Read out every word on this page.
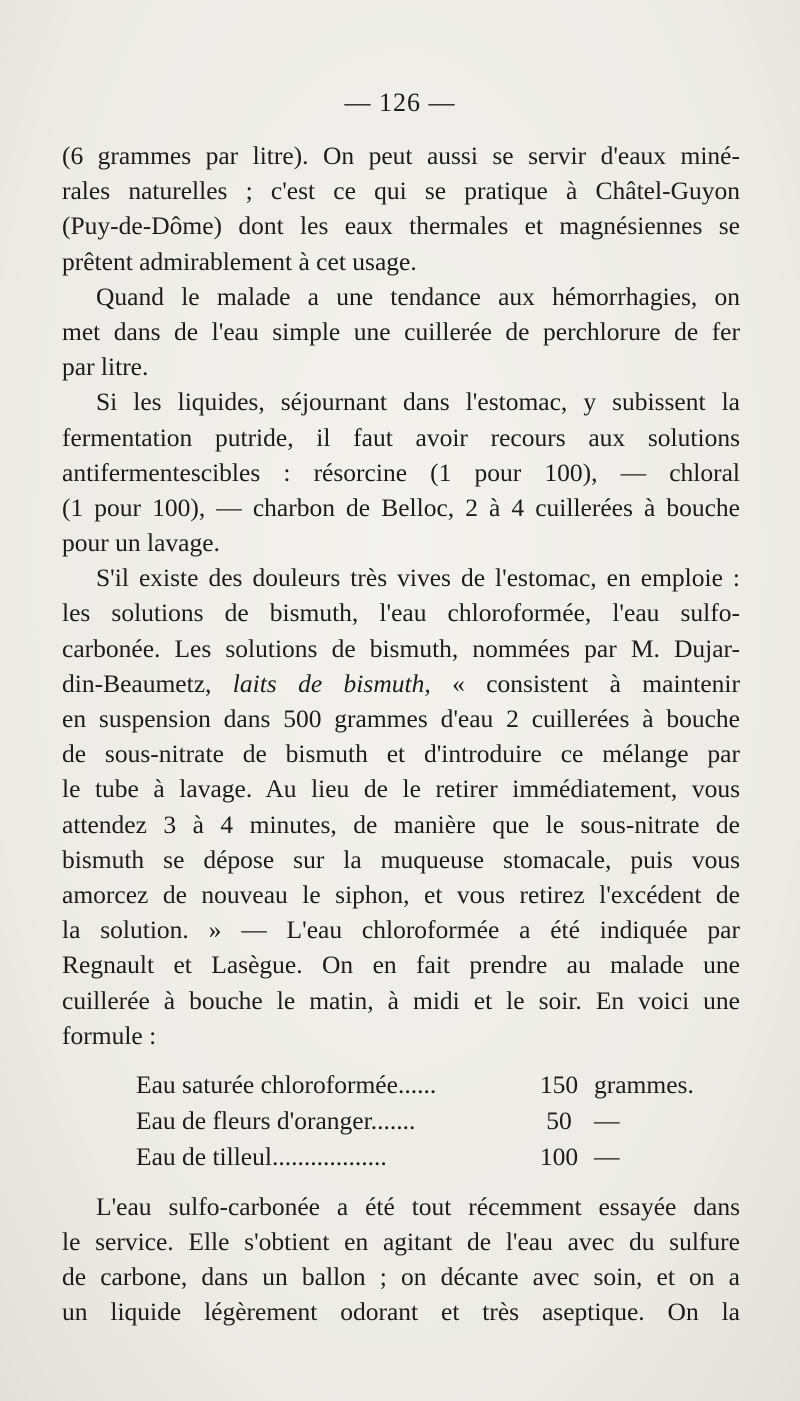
— 126 —
(6 grammes par litre). On peut aussi se servir d'eaux miné-
rales naturelles ; c'est ce qui se pratique à Châtel-Guyon
(Puy-de-Dôme) dont les eaux thermales et magnésiennes se
prêtent admirablement à cet usage.
Quand le malade a une tendance aux hémorrhagies, on
met dans de l'eau simple une cuillerée de perchlorure de fer
par litre.
Si les liquides, séjournant dans l'estomac, y subissent la
fermentation putride, il faut avoir recours aux solutions
antifermentescibles : résorcine (1 pour 100), — chloral
(1 pour 100), — charbon de Belloc, 2 à 4 cuillerées à bouche
pour un lavage.
S'il existe des douleurs très vives de l'estomac, en emploie :
les solutions de bismuth, l'eau chloroformée, l'eau sulfo-
carbonée. Les solutions de bismuth, nommées par M. Dujar-
din-Beaumetz, laits de bismuth, « consistent à maintenir
en suspension dans 500 grammes d'eau 2 cuillerées à bouche
de sous-nitrate de bismuth et d'introduire ce mélange par
le tube à lavage. Au lieu de le retirer immédiatement, vous
attendez 3 à 4 minutes, de manière que le sous-nitrate de
bismuth se dépose sur la muqueuse stomacale, puis vous
amorcez de nouveau le siphon, et vous retirez l'excédent de
la solution. » — L'eau chloroformée a été indiquée par
Regnault et Lasègue. On en fait prendre au malade une
cuillerée à bouche le matin, à midi et le soir. En voici une
formule :
Eau saturée chloroformée......	150 grammes.
Eau de fleurs d'oranger.......	50 —
Eau de tilleul..................	100 —
L'eau sulfo-carbonée a été tout récemment essayée dans
le service. Elle s'obtient en agitant de l'eau avec du sulfure
de carbone, dans un ballon ; on décante avec soin, et on a
un liquide légèrement odorant et très aseptique. On la
